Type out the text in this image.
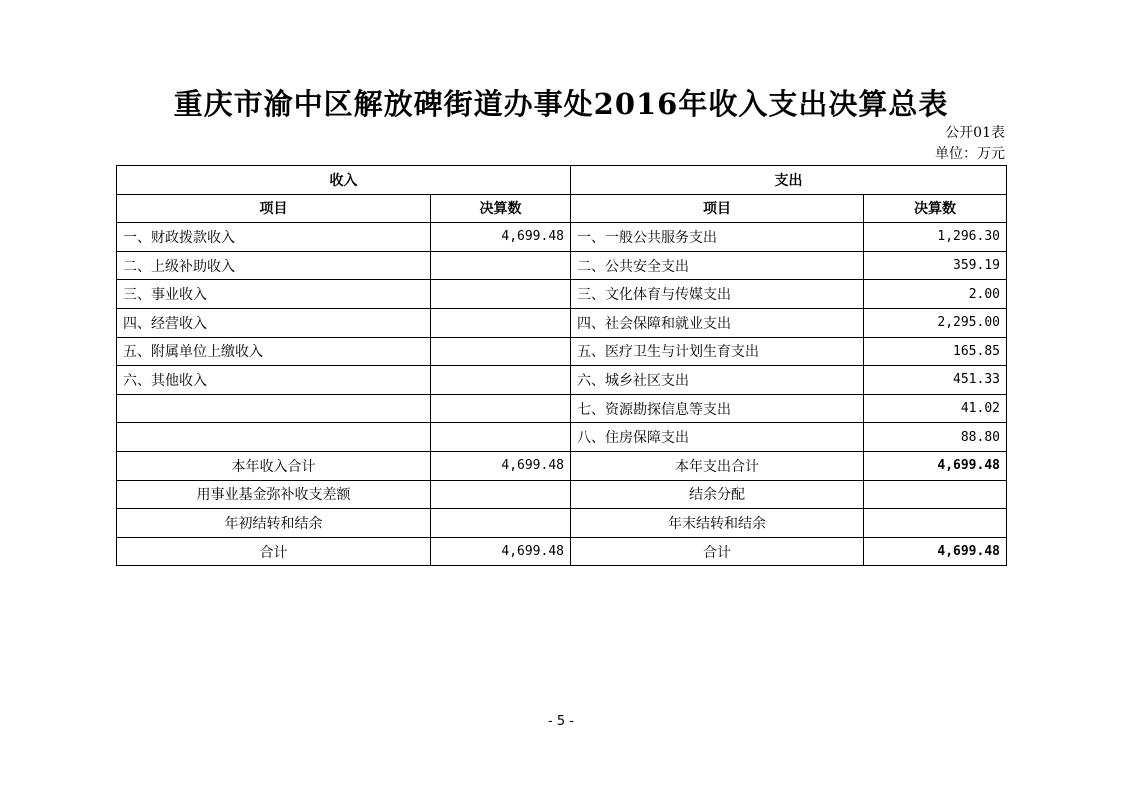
重庆市渝中区解放碑街道办事处2016年收入支出决算总表
公开01表
单位：万元
收入		支出	
项目	决算数	项目	决算数
一、财政拨款收入	4,699.48	一、一般公共服务支出	1,296.30
二、上级补助收入		二、公共安全支出	359.19
三、事业收入		三、文化体育与传媒支出	2.00
四、经营收入		四、社会保障和就业支出	2,295.00
五、附属单位上缴收入		五、医疗卫生与计划生育支出	165.85
六、其他收入		六、城乡社区支出	451.33
		七、资源勘探信息等支出	41.02
		八、住房保障支出	88.80
本年收入合计	4,699.48	本年支出合计	4,699.48
用事业基金弥补收支差额		结余分配	
年初结转和结余		年末结转和结余	
合计	4,699.48	合计	4,699.48
- 5 -
